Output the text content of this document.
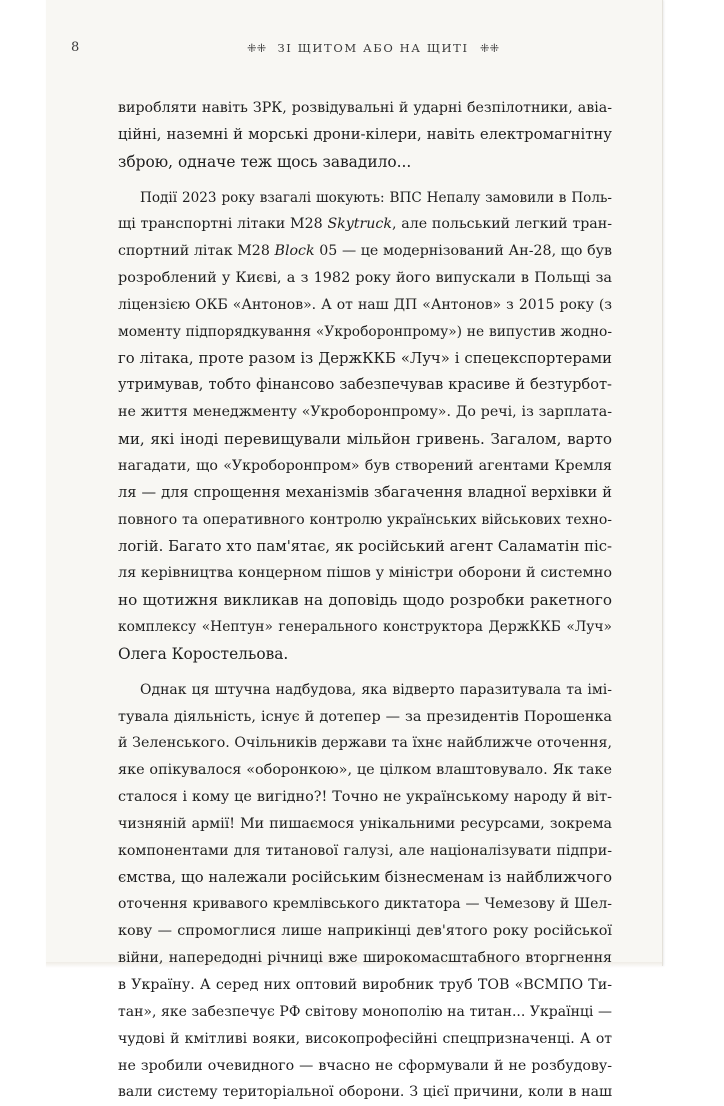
8	⁜⁜ ЗІ ЩИТОМ АБО НА ЩИТІ ⁜⁜
виробляти навіть ЗРК, розвідувальні й ударні безпілотники, авіа-
ційні, наземні й морські дрони-кілери, навіть електромагнітну
зброю, одначе теж щось завадило...
Події 2023 року взагалі шокують: ВПС Непалу замовили в Поль-
щі транспортні літаки М28 Skytruck, але польський легкий тран-
спортний літак М28 Block 05 — це модернізований Ан-28, що був
розроблений у Києві, а з 1982 року його випускали в Польщі за
ліцензією ОКБ «Антонов». А от наш ДП «Антонов» з 2015 року (з
моменту підпорядкування «Укроборонпрому») не випустив жодно-
го літака, проте разом із ДержККБ «Луч» і спецекспортерами
утримував, тобто фінансово забезпечував красиве й безтурбот-
не життя менеджменту «Укроборонпрому». До речі, із зарплата-
ми, які іноді перевищували мільйон гривень. Загалом, варто
нагадати, що «Укроборонпром» був створений агентами Кремля
ля — для спрощення механізмів збагачення владної верхівки й
повного та оперативного контролю українських військових техно-
логій. Багато хто пам'ятає, як російський агент Саламатін піс-
ля керівництва концерном пішов у міністри оборони й системно
но щотижня викликав на доповідь щодо розробки ракетного
комплексу «Нептун» генерального конструктора ДержККБ «Луч»
Олега Коростельова.
Однак ця штучна надбудова, яка відверто паразитувала та імі-
тувала діяльність, існує й дотепер — за президентів Порошенка
й Зеленського. Очільників держави та їхнє найближче оточення,
яке опікувалося «оборонкою», це цілком влаштовувало. Як таке
сталося і кому це вигідно?! Точно не українському народу й віт-
чизняній армії! Ми пишаємося унікальними ресурсами, зокрема
компонентами для титанової галузі, але націоналізувати підпри-
ємства, що належали російським бізнесменам із найближчого
оточення кривавого кремлівського диктатора — Чемезову й Шел-
кову — спромоглися лише наприкінці дев'ятого року російської
війни, напередодні річниці вже широкомасштабного вторгнення
в Україну. А серед них оптовий виробник труб ТОВ «ВСМПО Ти-
тан», яке забезпечує РФ світову монополію на титан... Українці —
чудові й кмітливі вояки, високопрофесійні спецпризначенці. А от
не зробили очевидного — вчасно не сформували й не розбудову-
вали систему територіальної оборони. З цієї причини, коли в наш
